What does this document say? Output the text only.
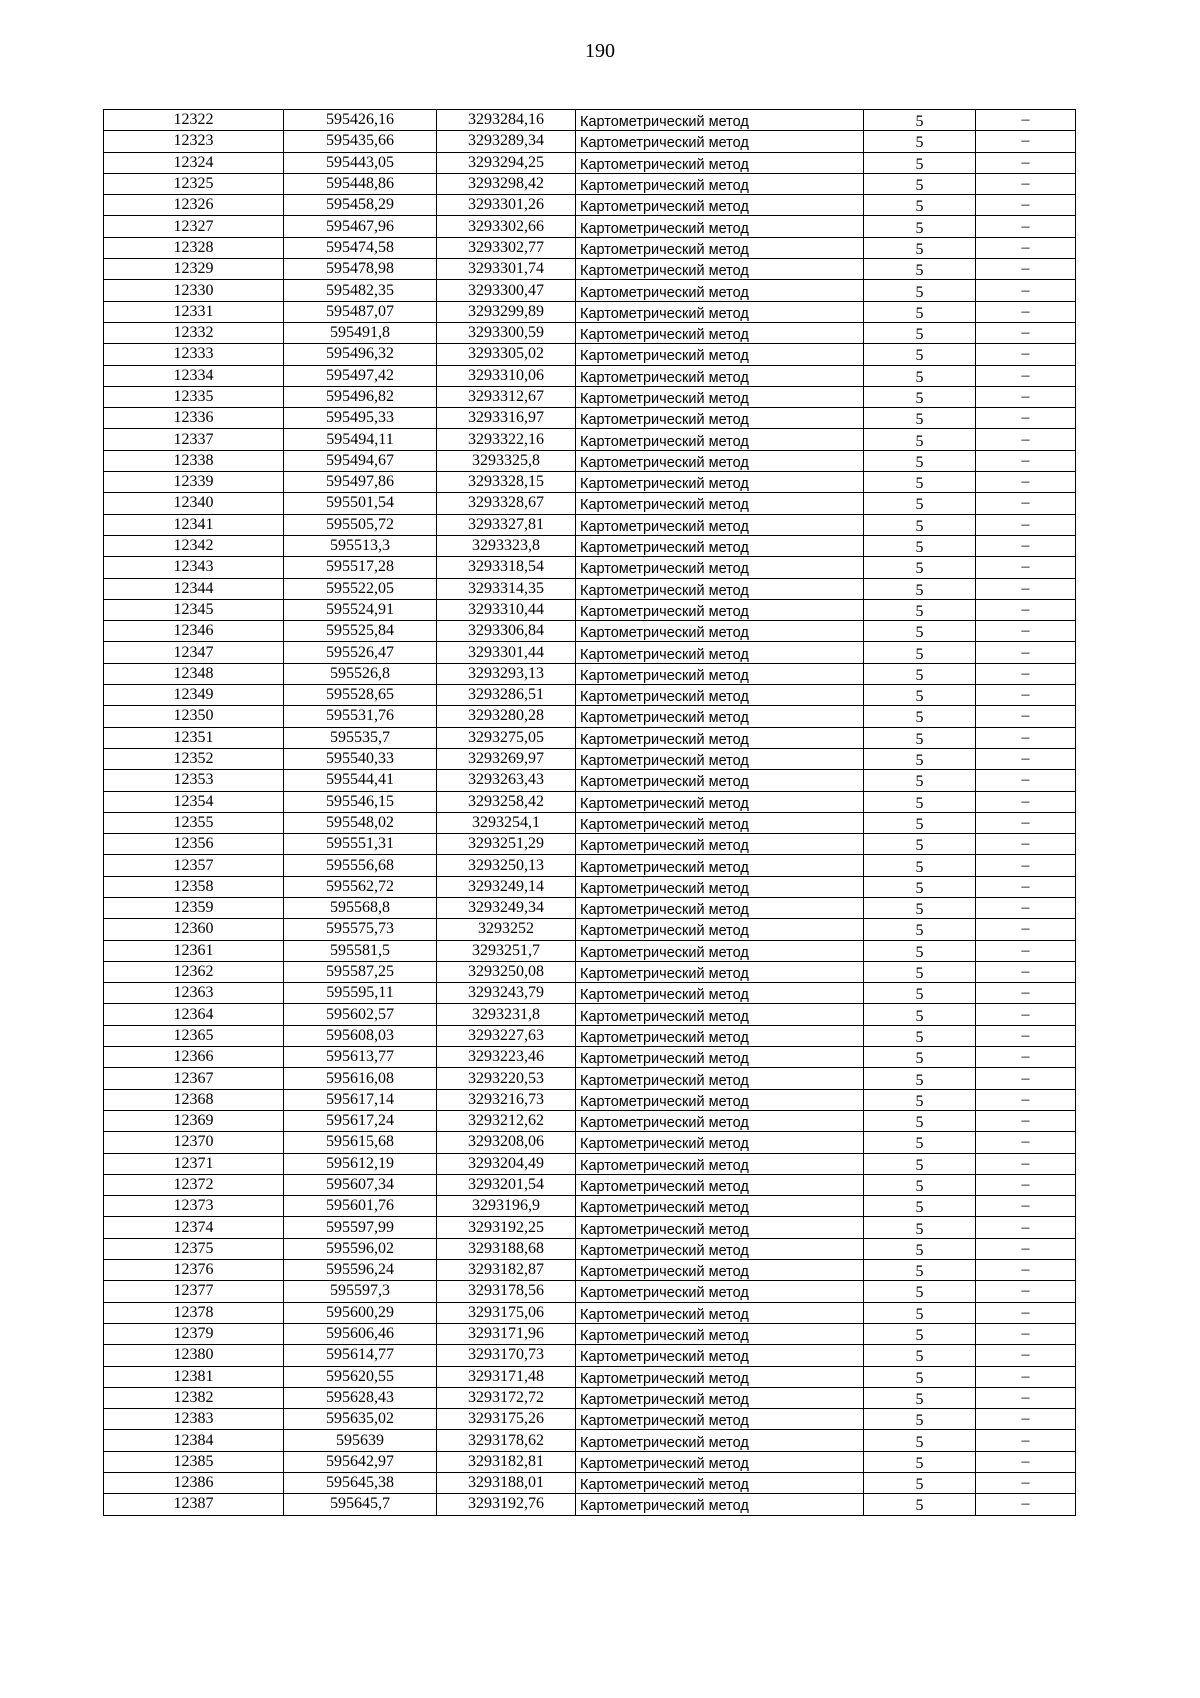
190
12322	595426,16	3293284,16	Картометрический метод	5	–
12323	595435,66	3293289,34	Картометрический метод	5	–
12324	595443,05	3293294,25	Картометрический метод	5	–
12325	595448,86	3293298,42	Картометрический метод	5	–
12326	595458,29	3293301,26	Картометрический метод	5	–
12327	595467,96	3293302,66	Картометрический метод	5	–
12328	595474,58	3293302,77	Картометрический метод	5	–
12329	595478,98	3293301,74	Картометрический метод	5	–
12330	595482,35	3293300,47	Картометрический метод	5	–
12331	595487,07	3293299,89	Картометрический метод	5	–
12332	595491,8	3293300,59	Картометрический метод	5	–
12333	595496,32	3293305,02	Картометрический метод	5	–
12334	595497,42	3293310,06	Картометрический метод	5	–
12335	595496,82	3293312,67	Картометрический метод	5	–
12336	595495,33	3293316,97	Картометрический метод	5	–
12337	595494,11	3293322,16	Картометрический метод	5	–
12338	595494,67	3293325,8	Картометрический метод	5	–
12339	595497,86	3293328,15	Картометрический метод	5	–
12340	595501,54	3293328,67	Картометрический метод	5	–
12341	595505,72	3293327,81	Картометрический метод	5	–
12342	595513,3	3293323,8	Картометрический метод	5	–
12343	595517,28	3293318,54	Картометрический метод	5	–
12344	595522,05	3293314,35	Картометрический метод	5	–
12345	595524,91	3293310,44	Картометрический метод	5	–
12346	595525,84	3293306,84	Картометрический метод	5	–
12347	595526,47	3293301,44	Картометрический метод	5	–
12348	595526,8	3293293,13	Картометрический метод	5	–
12349	595528,65	3293286,51	Картометрический метод	5	–
12350	595531,76	3293280,28	Картометрический метод	5	–
12351	595535,7	3293275,05	Картометрический метод	5	–
12352	595540,33	3293269,97	Картометрический метод	5	–
12353	595544,41	3293263,43	Картометрический метод	5	–
12354	595546,15	3293258,42	Картометрический метод	5	–
12355	595548,02	3293254,1	Картометрический метод	5	–
12356	595551,31	3293251,29	Картометрический метод	5	–
12357	595556,68	3293250,13	Картометрический метод	5	–
12358	595562,72	3293249,14	Картометрический метод	5	–
12359	595568,8	3293249,34	Картометрический метод	5	–
12360	595575,73	3293252	Картометрический метод	5	–
12361	595581,5	3293251,7	Картометрический метод	5	–
12362	595587,25	3293250,08	Картометрический метод	5	–
12363	595595,11	3293243,79	Картометрический метод	5	–
12364	595602,57	3293231,8	Картометрический метод	5	–
12365	595608,03	3293227,63	Картометрический метод	5	–
12366	595613,77	3293223,46	Картометрический метод	5	–
12367	595616,08	3293220,53	Картометрический метод	5	–
12368	595617,14	3293216,73	Картометрический метод	5	–
12369	595617,24	3293212,62	Картометрический метод	5	–
12370	595615,68	3293208,06	Картометрический метод	5	–
12371	595612,19	3293204,49	Картометрический метод	5	–
12372	595607,34	3293201,54	Картометрический метод	5	–
12373	595601,76	3293196,9	Картометрический метод	5	–
12374	595597,99	3293192,25	Картометрический метод	5	–
12375	595596,02	3293188,68	Картометрический метод	5	–
12376	595596,24	3293182,87	Картометрический метод	5	–
12377	595597,3	3293178,56	Картометрический метод	5	–
12378	595600,29	3293175,06	Картометрический метод	5	–
12379	595606,46	3293171,96	Картометрический метод	5	–
12380	595614,77	3293170,73	Картометрический метод	5	–
12381	595620,55	3293171,48	Картометрический метод	5	–
12382	595628,43	3293172,72	Картометрический метод	5	–
12383	595635,02	3293175,26	Картометрический метод	5	–
12384	595639	3293178,62	Картометрический метод	5	–
12385	595642,97	3293182,81	Картометрический метод	5	–
12386	595645,38	3293188,01	Картометрический метод	5	–
12387	595645,7	3293192,76	Картометрический метод	5	–
